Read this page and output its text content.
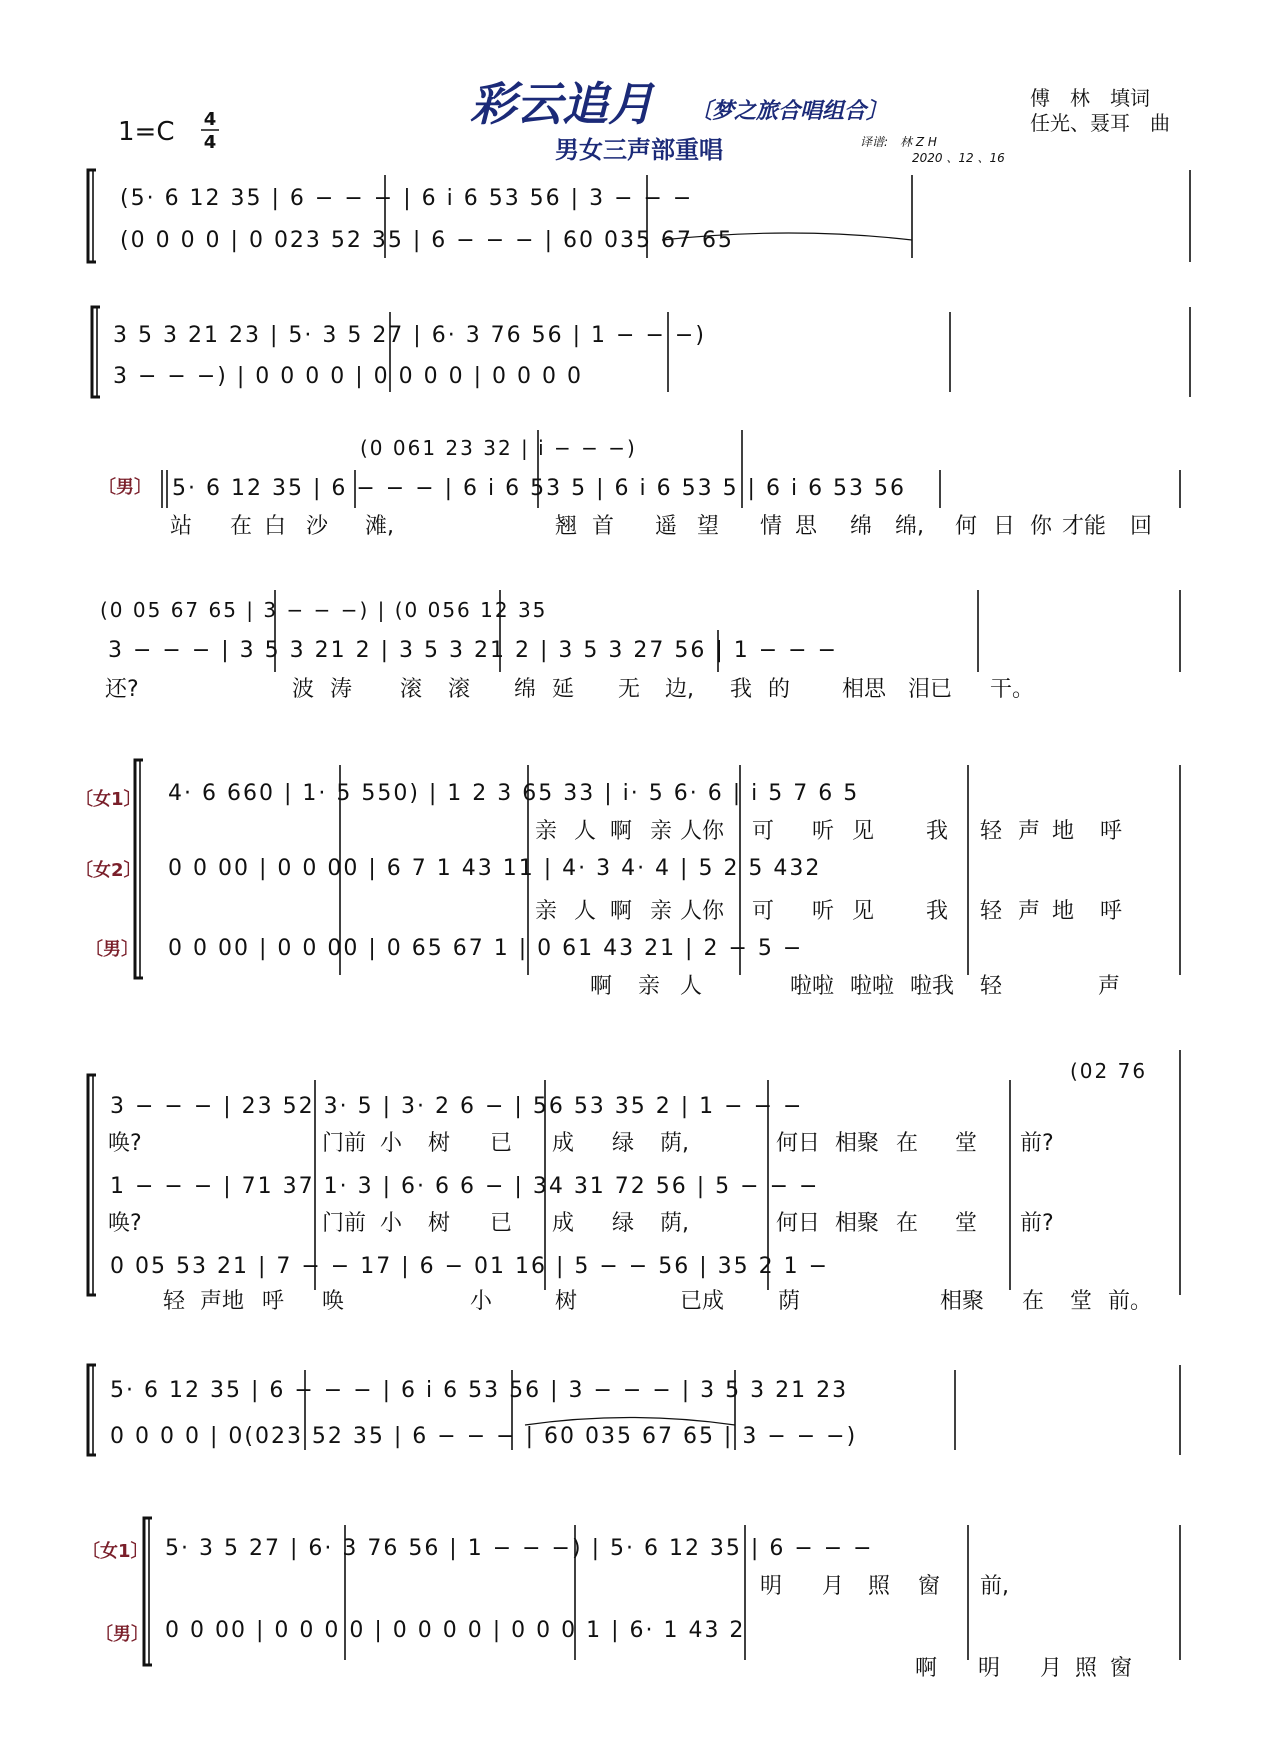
1=C 4
4
彩云追月 〔梦之旅合唱组合〕
男女三声部重唱
傅　林　填词
任光、聂耳　曲
译谱:　林 Z H
2020 、12 、16
(5· 6 12 35 | 6 − − − | 6 i 6 53 56 | 3 − − −
(0 0 0 0 | 0 023 52 35 | 6 − − − | 60 035 67 65
3 5 3 21 23 | 5· 3 5 27 | 6· 3 76 56 | 1 − − −)
3 − − −) | 0 0 0 0 | 0 0 0 0 | 0 0 0 0
〔男〕
(0 061 23 32 | i − − −)
5· 6 12 35 | 6 − − − | 6 i 6 53 5 | 6 i 6 53 5 | 6 i 6 53 56
站 在 白 沙 滩,	翘 首 遥 望 情 思 绵 绵, 何 日 你 才能 回
(0 05 67 65 | 3 − − −) | (0 056 12 35
3 − − − | 3 5 3 21 2 | 3 5 3 21 2 | 3 5 3 27 56 | 1 − − −
还?	波 涛 滚 滚 绵 延 无 边, 我 的 相思 泪已 干。
〔女1〕 4· 6 660 | 1· 5 550) | 1 2 3 65 33 | i· 5 6· 6 | i 5 7 6 5
亲 人 啊 亲 人你 可 听 见 我 轻 声 地 呼
〔女2〕 0 0 00 | 0 0 00 | 6 7 1 43 11 | 4· 3 4· 4 | 5 2 5 432
亲 人 啊 亲 人你 可 听 见 我 轻 声 地 呼
〔男〕 0 0 00 | 0 0 00 | 0 65 67 1 | 0 61 43 21 | 2 − 5 −
啊 亲 人	啦啦 啦啦 啦我 轻	声
(02 76
3 − − − | 23 52 3· 5 | 3· 2 6 − | 56 53 35 2 | 1 − − −
唤?	门前 小 树 已 成 绿 荫,	何日 相聚 在 堂 前?
1 − − − | 71 37 1· 3 | 6· 6 6 − | 34 31 72 56 | 5 − − −
唤?	门前 小 树 已 成 绿 荫,	何日 相聚 在 堂 前?
0 05 53 21 | 7 − − 17 | 6 − 01 16 | 5 − − 56 | 35 2 1 −
轻 声地 呼 唤	小	树	已成 荫	相聚 在 堂 前。
5· 6 12 35 | 6 − − − | 6 i 6 53 56 | 3 − − − | 3 5 3 21 23
0 0 0 0 | 0(023 52 35 | 6 − − − | 60 035 67 65 | 3 − − −)
〔女1〕 5· 3 5 27 | 6· 3 76 56 | 1 − − −) | 5· 6 12 35 | 6 − − −
明 月 照 窗 前,
〔男〕 0 0 00 | 0 0 0 0 | 0 0 0 0 | 0 0 0 1 | 6· 1 43 2
啊 明 月 照 窗
